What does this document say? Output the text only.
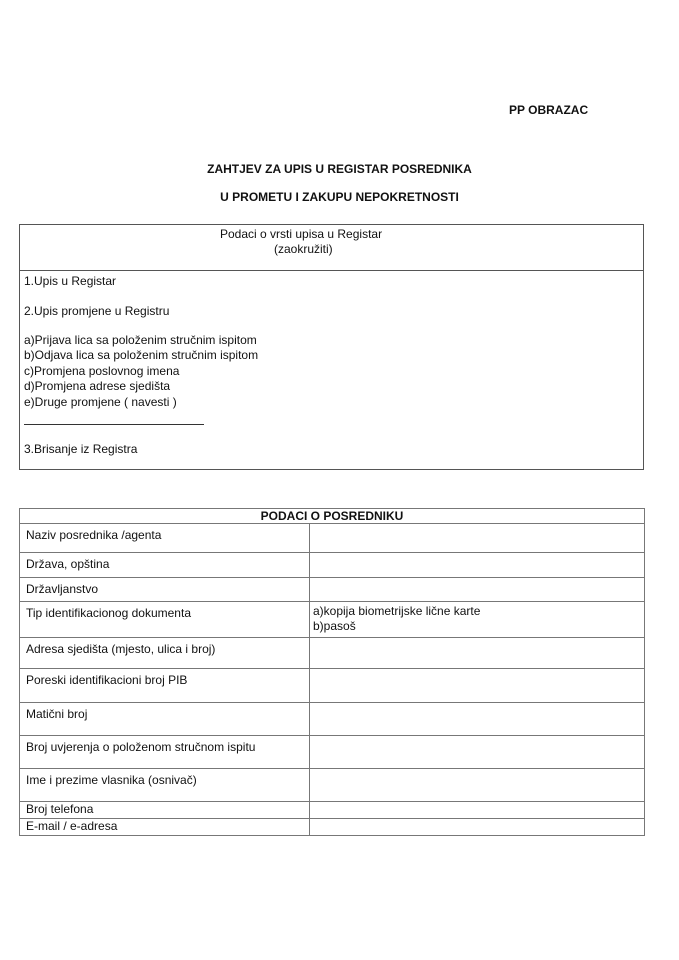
PP OBRAZAC
ZAHTJEV ZA UPIS U REGISTAR POSREDNIKA
U PROMETU I ZAKUPU NEPOKRETNOSTI
Podaci o vrsti upisa u Registar
(zaokružiti)
1.Upis u Registar
2.Upis promjene u Registru
a)Prijava lica sa položenim stručnim ispitom
b)Odjava lica sa položenim stručnim ispitom
c)Promjena poslovnog imena
d)Promjena adrese sjedišta
e)Druge promjene ( navesti )
3.Brisanje iz Registra
PODACI O POSREDNIKU	
Naziv posrednika /agenta	
Država, opština	
Državljanstvo	
Tip identifikacionog dokumenta	a)kopija biometrijske lične karte
b)pasoš

Adresa sjedišta (mjesto, ulica i broj)	
Poreski identifikacioni broj PIB	
Matični broj	
Broj uvjerenja o položenom stručnom ispitu	
Ime i prezime vlasnika (osnivač)	
Broj telefona	
E-mail / e-adresa	
